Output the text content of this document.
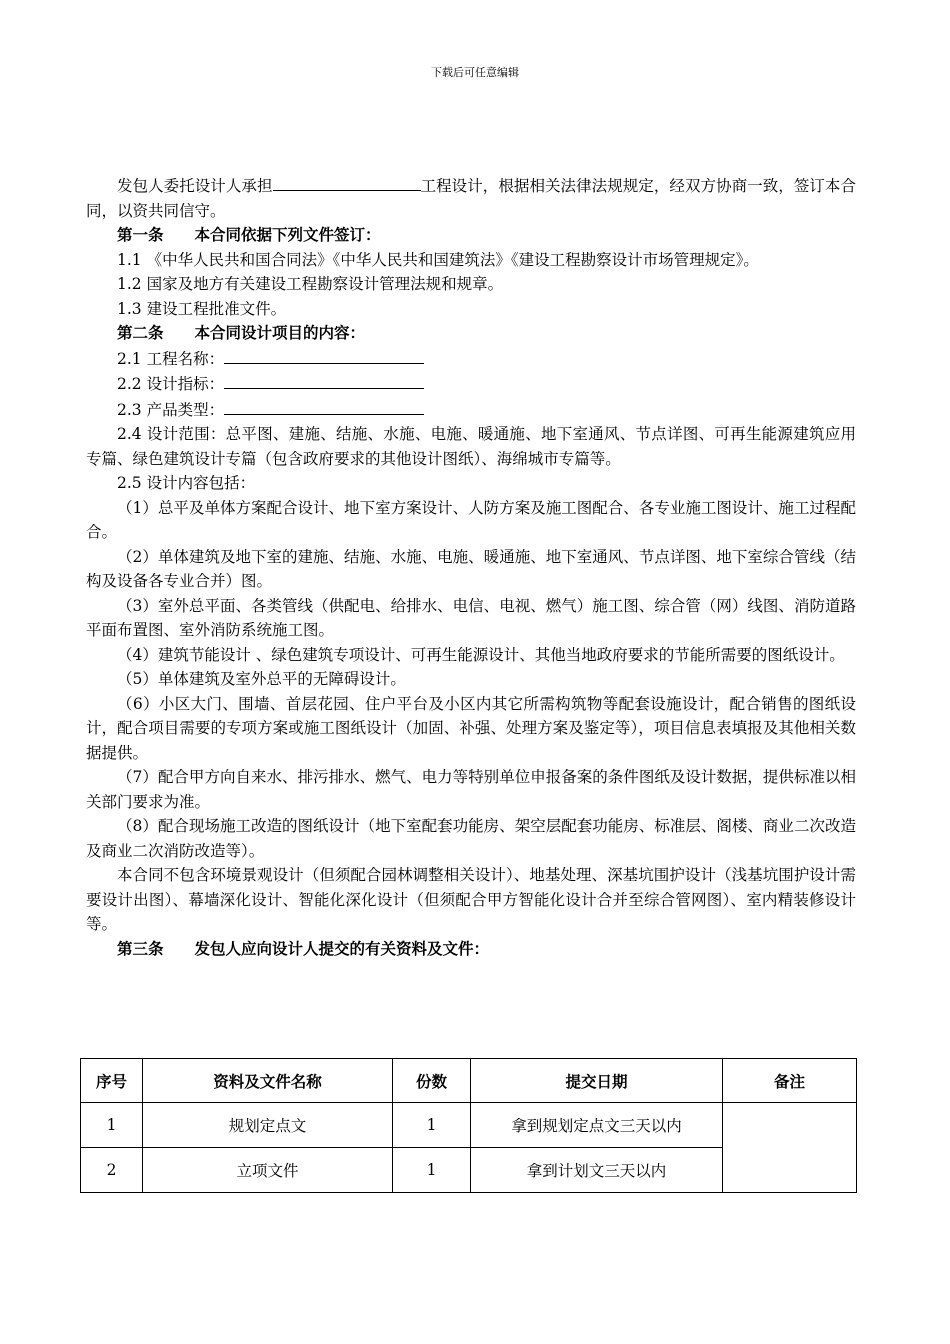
下载后可任意编辑

发包人委托设计人承担	工程设计，根据相关法律法规规定，经双方协商一致，签订本合同，以资共同信守。

第一条　　本合同依据下列文件签订：

1.1 《中华人民共和国合同法》《中华人民共和国建筑法》《建设工程勘察设计市场管理规定》。

1.2 国家及地方有关建设工程勘察设计管理法规和规章。

1.3 建设工程批准文件。

第二条　　本合同设计项目的内容：

2.1 工程名称：

2.2 设计指标：

2.3 产品类型：

2.4 设计范围：总平图、建施、结施、水施、电施、暖通施、地下室通风、节点详图、可再生能源建筑应用专篇、绿色建筑设计专篇（包含政府要求的其他设计图纸）、海绵城市专篇等。

2.5 设计内容包括：

（1）总平及单体方案配合设计、地下室方案设计、人防方案及施工图配合、各专业施工图设计、施工过程配合。

（2）单体建筑及地下室的建施、结施、水施、电施、暖通施、地下室通风、节点详图、地下室综合管线（结构及设备各专业合并）图。

（3）室外总平面、各类管线（供配电、给排水、电信、电视、燃气）施工图、综合管（网）线图、消防道路平面布置图、室外消防系统施工图。

（4）建筑节能设计 、绿色建筑专项设计、可再生能源设计、其他当地政府要求的节能所需要的图纸设计。

（5）单体建筑及室外总平的无障碍设计。

（6）小区大门、围墙、首层花园、住户平台及小区内其它所需构筑物等配套设施设计，配合销售的图纸设计，配合项目需要的专项方案或施工图纸设计（加固、补强、处理方案及鉴定等），项目信息表填报及其他相关数据提供。

（7）配合甲方向自来水、排污排水、燃气、电力等特别单位申报备案的条件图纸及设计数据，提供标准以相关部门要求为准。

（8）配合现场施工改造的图纸设计（地下室配套功能房、架空层配套功能房、标准层、阁楼、商业二次改造及商业二次消防改造等）。

本合同不包含环境景观设计（但须配合园林调整相关设计）、地基处理、深基坑围护设计（浅基坑围护设计需要设计出图）、幕墙深化设计、智能化深化设计（但须配合甲方智能化设计合并至综合管网图）、室内精装修设计等。

第三条　　发包人应向设计人提交的有关资料及文件：

序号	资料及文件名称	份数	提交日期	备注
1	规划定点文	1	拿到规划定点文三天以内	
2	立项文件	1	拿到计划文三天以内	
